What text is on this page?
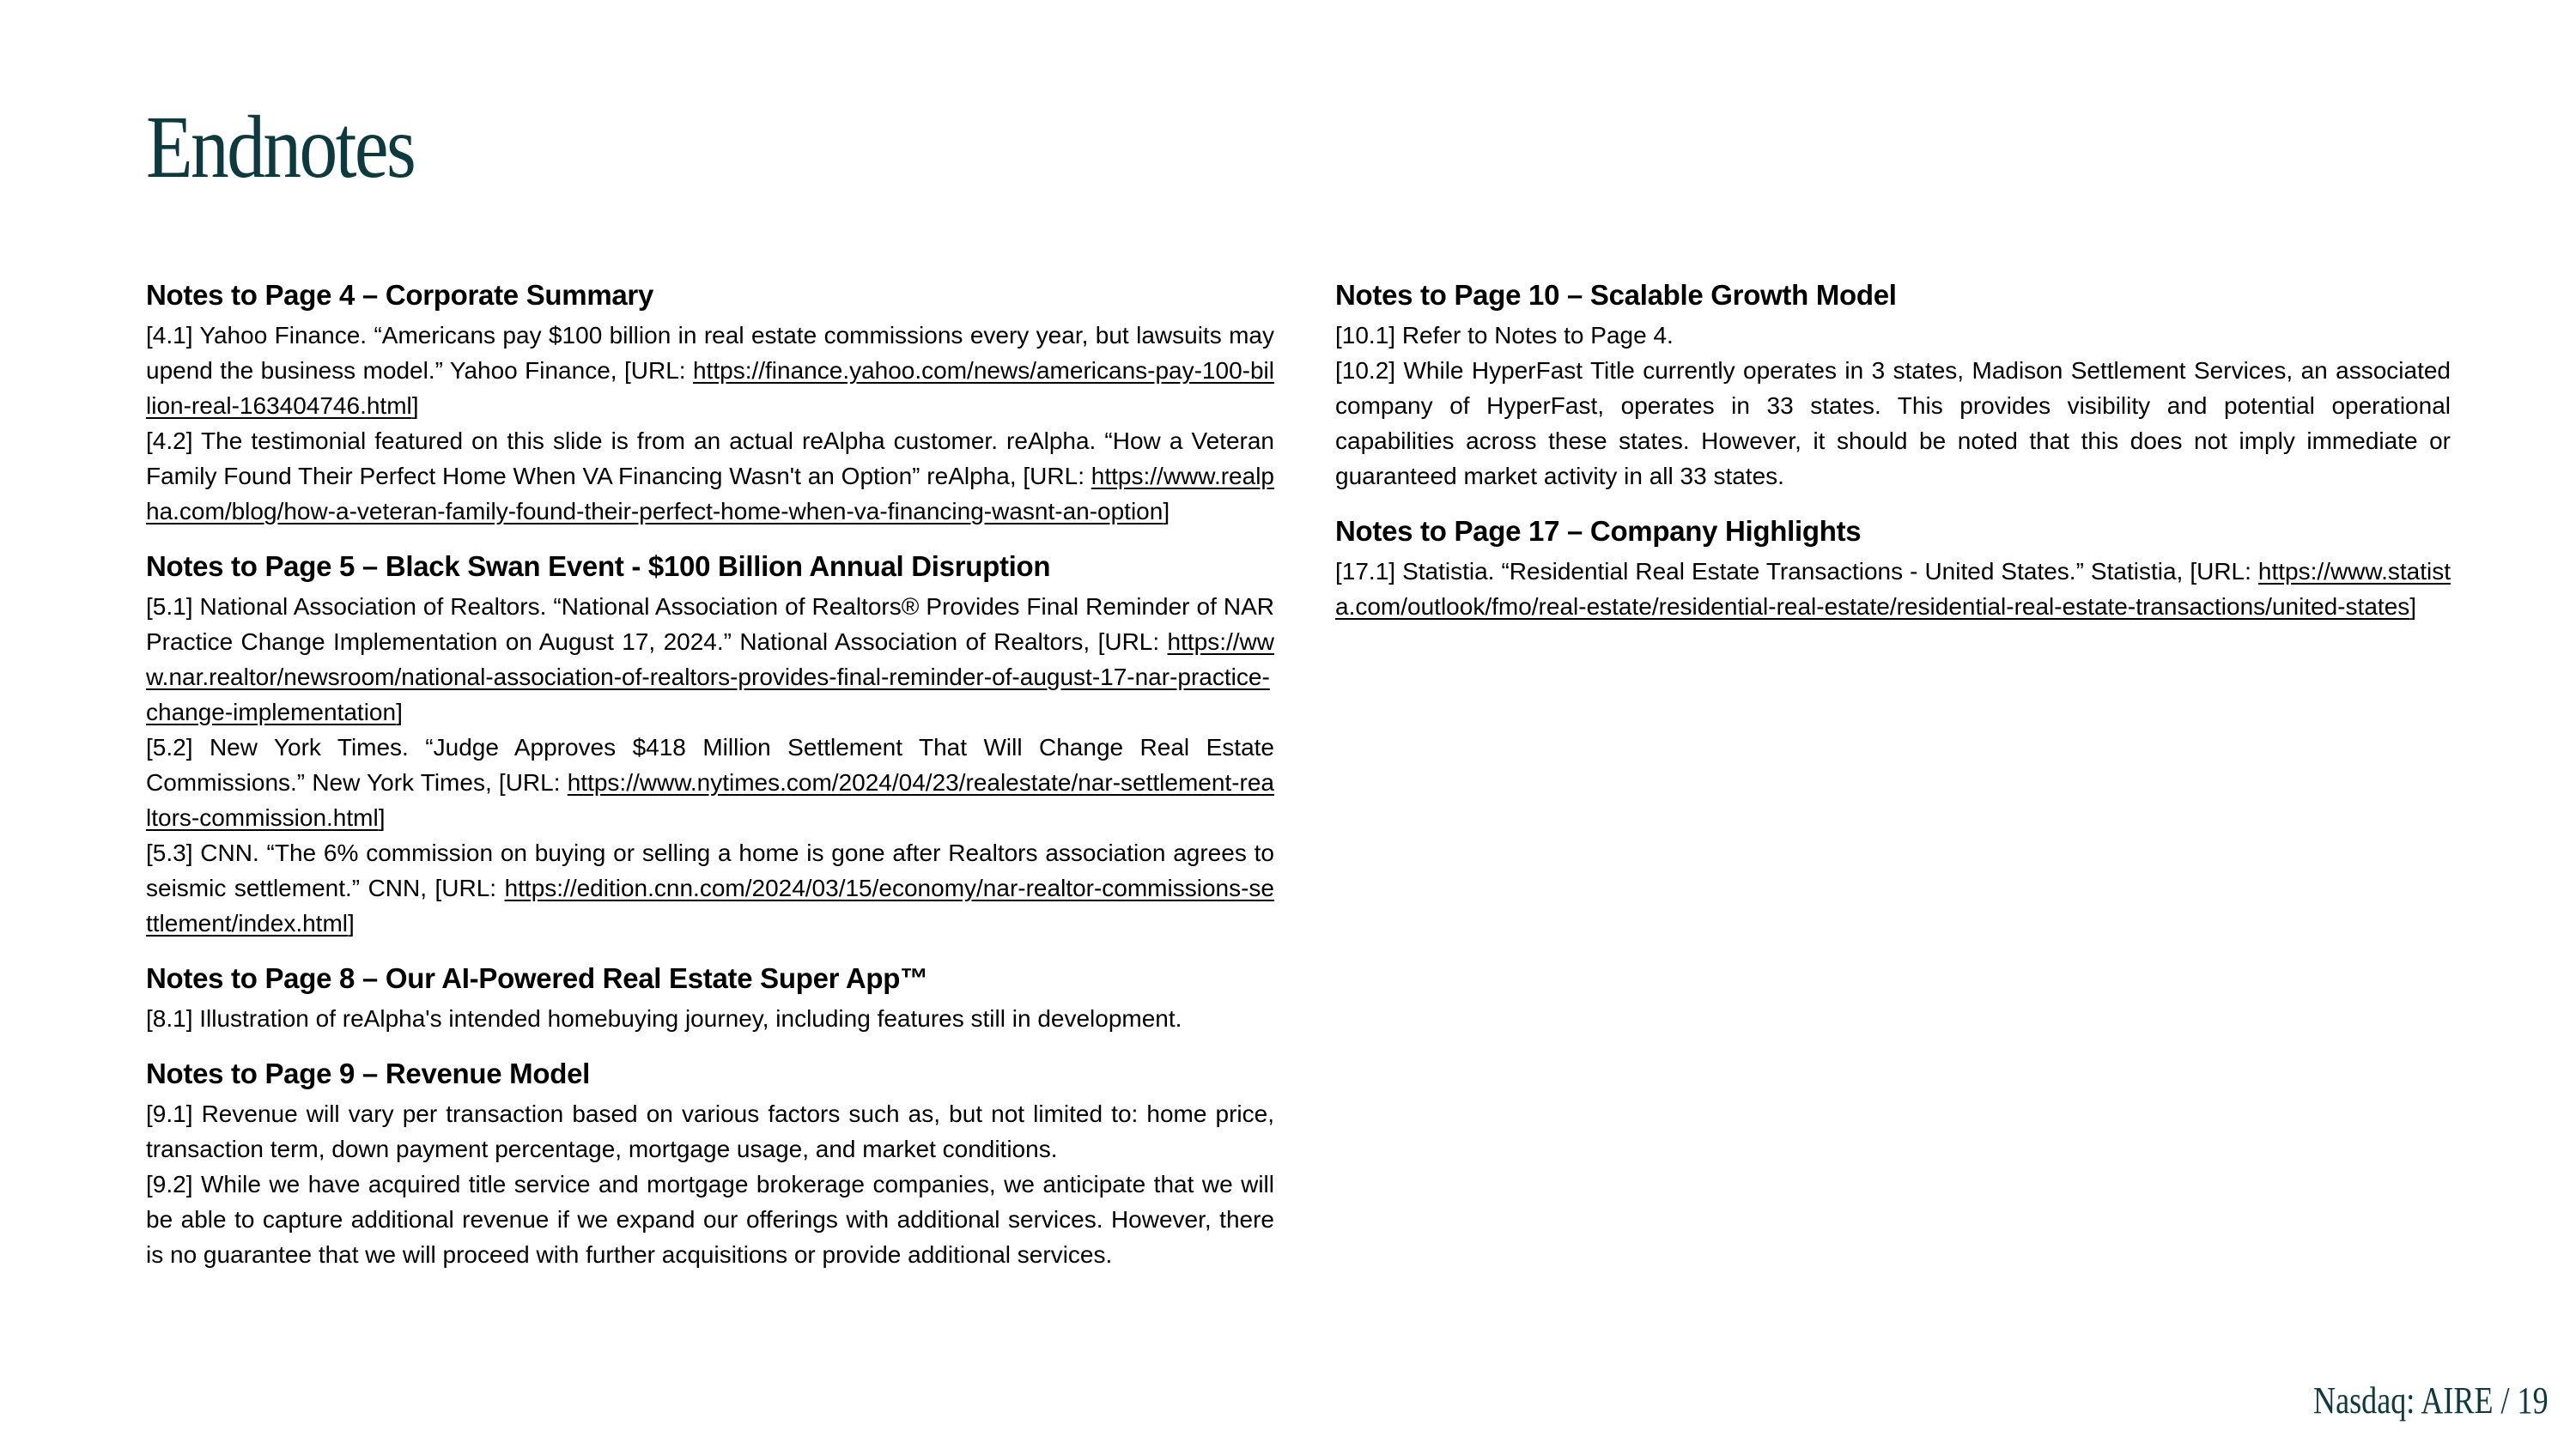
Endnotes
Notes to Page 4 – Corporate Summary

[4.1] Yahoo Finance. “Americans pay $100 billion in real estate commissions every year, but lawsuits may upend the business model.” Yahoo Finance, [URL: https://finance.yahoo.com/news/americans-pay-100-billion-real-163404746.html]

[4.2] The testimonial featured on this slide is from an actual reAlpha customer. reAlpha. “How a Veteran Family Found Their Perfect Home When VA Financing Wasn't an Option” reAlpha, [URL: https://www.realpha.com/blog/how-a-veteran-family-found-their-perfect-home-when-va-financing-wasnt-an-option]

Notes to Page 5 – Black Swan Event - $100 Billion Annual Disruption

[5.1] National Association of Realtors. “National Association of Realtors® Provides Final Reminder of NAR Practice Change Implementation on August 17, 2024.” National Association of Realtors, [URL: https://www.nar.realtor/newsroom/national-association-of-realtors-provides-final-reminder-of-august-17-nar-practice-change-implementation]

[5.2] New York Times. “Judge Approves $418 Million Settlement That Will Change Real Estate Commissions.” New York Times, [URL: https://www.nytimes.com/2024/04/23/realestate/nar-settlement-realtors-commission.html]

[5.3] CNN. “The 6% commission on buying or selling a home is gone after Realtors association agrees to seismic settlement.” CNN, [URL: https://edition.cnn.com/2024/03/15/economy/nar-realtor-commissions-settlement/index.html]

Notes to Page 8 – Our AI-Powered Real Estate Super App™

[8.1] Illustration of reAlpha's intended homebuying journey, including features still in development.

Notes to Page 9 – Revenue Model

[9.1] Revenue will vary per transaction based on various factors such as, but not limited to: home price, transaction term, down payment percentage, mortgage usage, and market conditions.

[9.2] While we have acquired title service and mortgage brokerage companies, we anticipate that we will be able to capture additional revenue if we expand our offerings with additional services. However, there is no guarantee that we will proceed with further acquisitions or provide additional services.

Notes to Page 10 – Scalable Growth Model

[10.1] Refer to Notes to Page 4.

[10.2] While HyperFast Title currently operates in 3 states, Madison Settlement Services, an associated company of HyperFast, operates in 33 states. This provides visibility and potential operational capabilities across these states. However, it should be noted that this does not imply immediate or guaranteed market activity in all 33 states.

Notes to Page 17 – Company Highlights

[17.1] Statistia. “Residential Real Estate Transactions - United States.” Statistia, [URL: https://www.statista.com/outlook/fmo/real-estate/residential-real-estate/residential-real-estate-transactions/united-states]

Nasdaq: AIRE / 19
